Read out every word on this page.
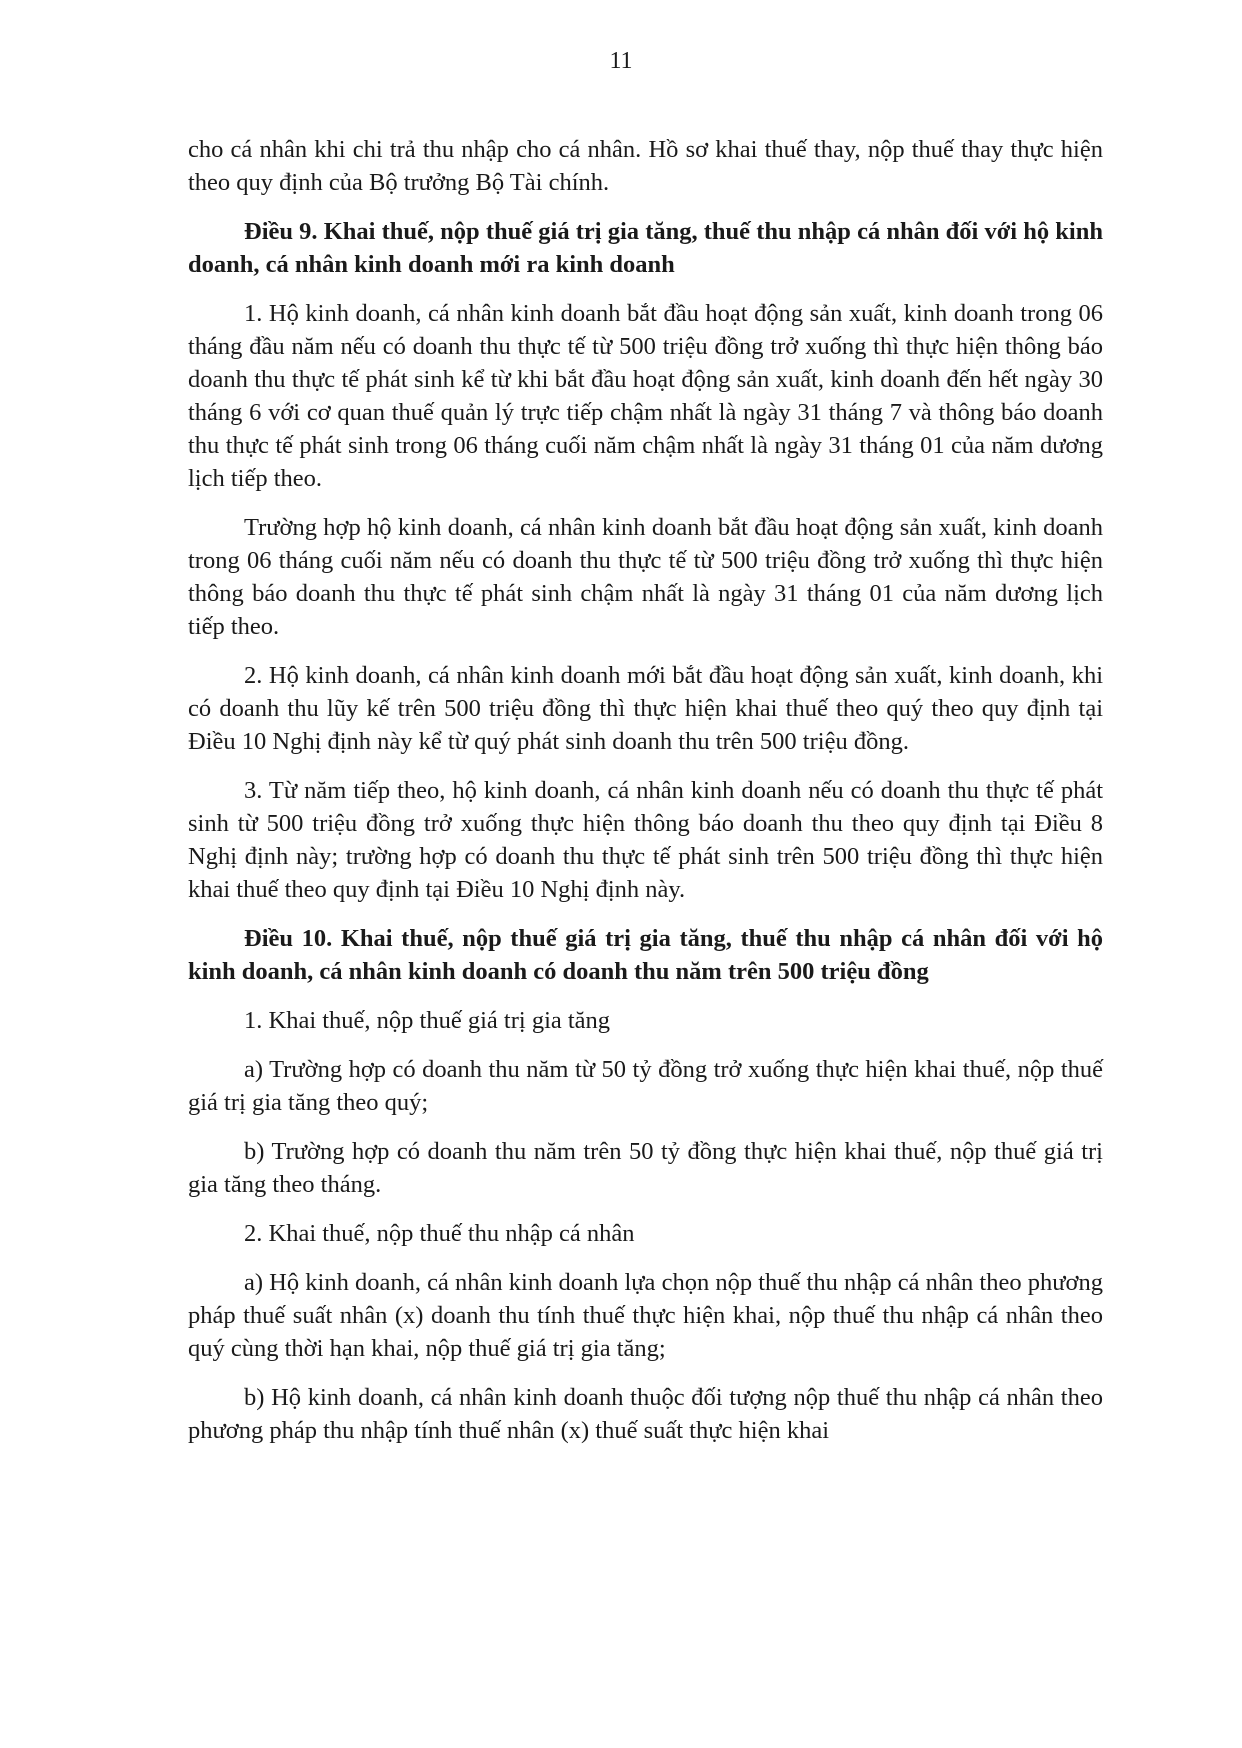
11

cho cá nhân khi chi trả thu nhập cho cá nhân. Hồ sơ khai thuế thay, nộp thuế thay thực hiện theo quy định của Bộ trưởng Bộ Tài chính.

Điều 9. Khai thuế, nộp thuế giá trị gia tăng, thuế thu nhập cá nhân đối với hộ kinh doanh, cá nhân kinh doanh mới ra kinh doanh

1. Hộ kinh doanh, cá nhân kinh doanh bắt đầu hoạt động sản xuất, kinh doanh trong 06 tháng đầu năm nếu có doanh thu thực tế từ 500 triệu đồng trở xuống thì thực hiện thông báo doanh thu thực tế phát sinh kể từ khi bắt đầu hoạt động sản xuất, kinh doanh đến hết ngày 30 tháng 6 với cơ quan thuế quản lý trực tiếp chậm nhất là ngày 31 tháng 7 và thông báo doanh thu thực tế phát sinh trong 06 tháng cuối năm chậm nhất là ngày 31 tháng 01 của năm dương lịch tiếp theo.

Trường hợp hộ kinh doanh, cá nhân kinh doanh bắt đầu hoạt động sản xuất, kinh doanh trong 06 tháng cuối năm nếu có doanh thu thực tế từ 500 triệu đồng trở xuống thì thực hiện thông báo doanh thu thực tế phát sinh chậm nhất là ngày 31 tháng 01 của năm dương lịch tiếp theo.

2. Hộ kinh doanh, cá nhân kinh doanh mới bắt đầu hoạt động sản xuất, kinh doanh, khi có doanh thu lũy kế trên 500 triệu đồng thì thực hiện khai thuế theo quý theo quy định tại Điều 10 Nghị định này kể từ quý phát sinh doanh thu trên 500 triệu đồng.

3. Từ năm tiếp theo, hộ kinh doanh, cá nhân kinh doanh nếu có doanh thu thực tế phát sinh từ 500 triệu đồng trở xuống thực hiện thông báo doanh thu theo quy định tại Điều 8 Nghị định này; trường hợp có doanh thu thực tế phát sinh trên 500 triệu đồng thì thực hiện khai thuế theo quy định tại Điều 10 Nghị định này.

Điều 10. Khai thuế, nộp thuế giá trị gia tăng, thuế thu nhập cá nhân đối với hộ kinh doanh, cá nhân kinh doanh có doanh thu năm trên 500 triệu đồng

1. Khai thuế, nộp thuế giá trị gia tăng

a) Trường hợp có doanh thu năm từ 50 tỷ đồng trở xuống thực hiện khai thuế, nộp thuế giá trị gia tăng theo quý;

b) Trường hợp có doanh thu năm trên 50 tỷ đồng thực hiện khai thuế, nộp thuế giá trị gia tăng theo tháng.

2. Khai thuế, nộp thuế thu nhập cá nhân

a) Hộ kinh doanh, cá nhân kinh doanh lựa chọn nộp thuế thu nhập cá nhân theo phương pháp thuế suất nhân (x) doanh thu tính thuế thực hiện khai, nộp thuế thu nhập cá nhân theo quý cùng thời hạn khai, nộp thuế giá trị gia tăng;

b) Hộ kinh doanh, cá nhân kinh doanh thuộc đối tượng nộp thuế thu nhập cá nhân theo phương pháp thu nhập tính thuế nhân (x) thuế suất thực hiện khai
